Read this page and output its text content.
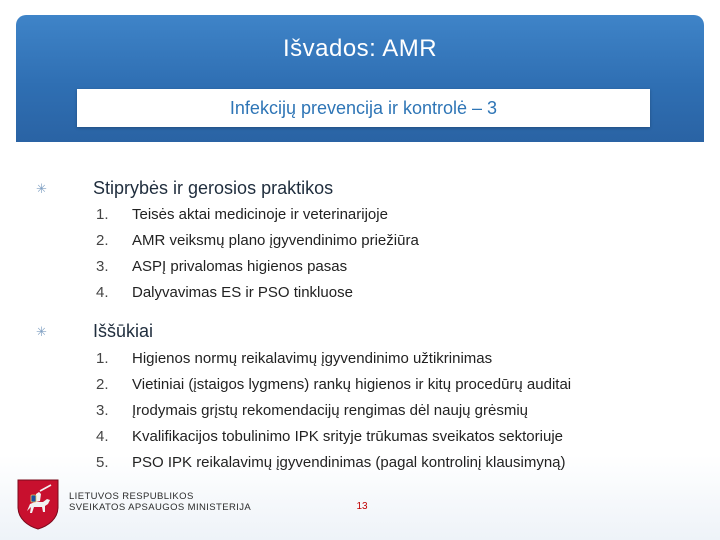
Išvados: AMR
Infekcijų prevencija ir kontrolė – 3
✳	Stiprybės ir gerosios praktikos
1.	Teisės aktai medicinoje ir veterinarijoje
2.	AMR veiksmų plano įgyvendinimo priežiūra
3.	ASPĮ privalomas higienos pasas
4.	Dalyvavimas ES ir PSO tinkluose
✳	Iššūkiai
1.	Higienos normų reikalavimų įgyvendinimo užtikrinimas
2.	Vietiniai (įstaigos lygmens) rankų higienos ir kitų procedūrų auditai
3.	Įrodymais grįstų rekomendacijų rengimas dėl naujų grėsmių
4.	Kvalifikacijos tobulinimo IPK srityje trūkumas sveikatos sektoriuje
5.	PSO IPK reikalavimų įgyvendinimas (pagal kontrolinį klausimyną)
LIETUVOS RESPUBLIKOS
SVEIKATOS APSAUGOS MINISTERIJA	13
